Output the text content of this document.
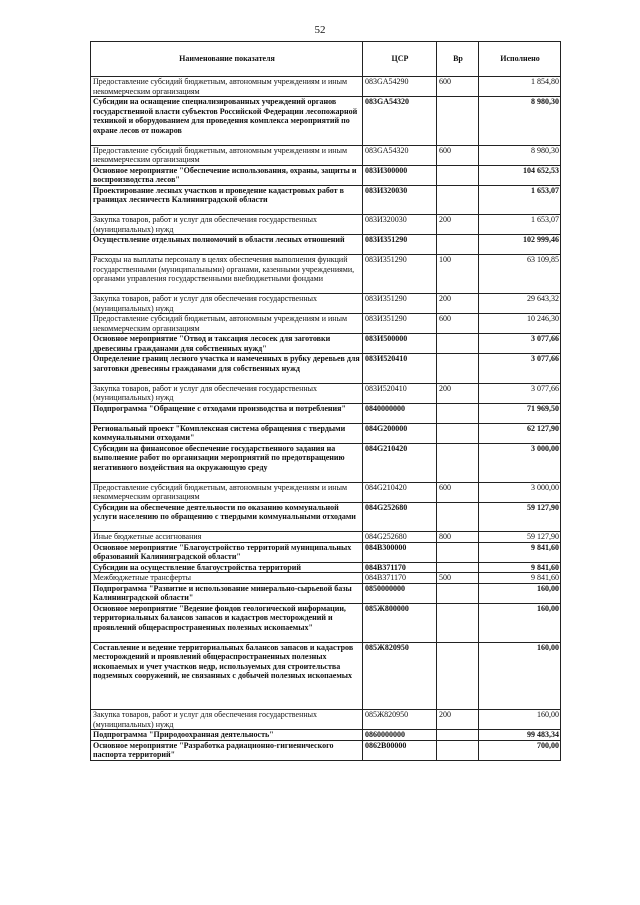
52
Наименование показателя	ЦСР	Вр	Исполнено
Предоставление субсидий бюджетным, автономным учреждениям и иным некоммерческим организациям	083GA54290	600	1 854,80
Субсидии на оснащение специализированных учреждений органов государственной власти субъектов Российской Федерации лесопожарной техникой и оборудованием для проведения комплекса мероприятий по охране лесов от пожаров	083GA54320		8 980,30
Предоставление субсидий бюджетным, автономным учреждениям и иным некоммерческим организациям	083GA54320	600	8 980,30
Основное мероприятие "Обеспечение использования, охраны, защиты и воспроизводства лесов"	083И300000		104 652,53
Проектирование лесных участков и проведение кадастровых работ в границах лесничеств Калининградской области	083И320030		1 653,07
Закупка товаров, работ и услуг для обеспечения государственных (муниципальных) нужд	083И320030	200	1 653,07
Осуществление отдельных полномочий в области лесных отношений	083И351290		102 999,46
Расходы на выплаты персоналу в целях обеспечения выполнения функций государственными (муниципальными) органами, казенными учреждениями, органами управления государственными внебюджетными фондами	083И351290	100	63 109,85
Закупка товаров, работ и услуг для обеспечения государственных (муниципальных) нужд	083И351290	200	29 643,32
Предоставление субсидий бюджетным, автономным учреждениям и иным некоммерческим организациям	083И351290	600	10 246,30
Основное мероприятие "Отвод и таксация лесосек для заготовки древесины гражданами для собственных нужд"	083И500000		3 077,66
Определение границ лесного участка и намеченных в рубку деревьев для заготовки древесины гражданами для собственных нужд	083И520410		3 077,66
Закупка товаров, работ и услуг для обеспечения государственных (муниципальных) нужд	083И520410	200	3 077,66
Подпрограмма "Обращение с отходами производства и потребления"	0840000000		71 969,50
Региональный проект "Комплексная система обращения с твердыми коммунальными отходами"	084G200000		62 127,90
Субсидии на финансовое обеспечение государственного задания на выполнение работ по организации мероприятий по предотвращению негативного воздействия на окружающую среду	084G210420		3 000,00
Предоставление субсидий бюджетным, автономным учреждениям и иным некоммерческим организациям	084G210420	600	3 000,00
Субсидии на обеспечение деятельности по оказанию коммунальной услуги населению по обращению с твердыми коммунальными отходами	084G252680		59 127,90
Иные бюджетные ассигнования	084G252680	800	59 127,90
Основное мероприятие "Благоустройство территорий муниципальных образований Калининградской области"	084В300000		9 841,60
Субсидии на осуществление благоустройства территорий	084В371170		9 841,60
Межбюджетные трансферты	084В371170	500	9 841,60
Подпрограмма "Развитие и использование минерально-сырьевой базы Калининградской области"	0850000000		160,00
Основное мероприятие "Ведение фондов геологической информации, территориальных балансов запасов и кадастров месторождений и проявлений общераспространенных полезных ископаемых"	085Ж800000		160,00
Составление и ведение территориальных балансов запасов и кадастров месторождений и проявлений общераспространенных полезных ископаемых и учет участков недр, используемых для строительства подземных сооружений, не связанных с добычей полезных ископаемых	085Ж820950		160,00
Закупка товаров, работ и услуг для обеспечения государственных (муниципальных) нужд	085Ж820950	200	160,00
Подпрограмма "Природоохранная деятельность"	0860000000		99 483,34
Основное мероприятие "Разработка радиационно-гигиенического паспорта территорий"	0862В00000		700,00
